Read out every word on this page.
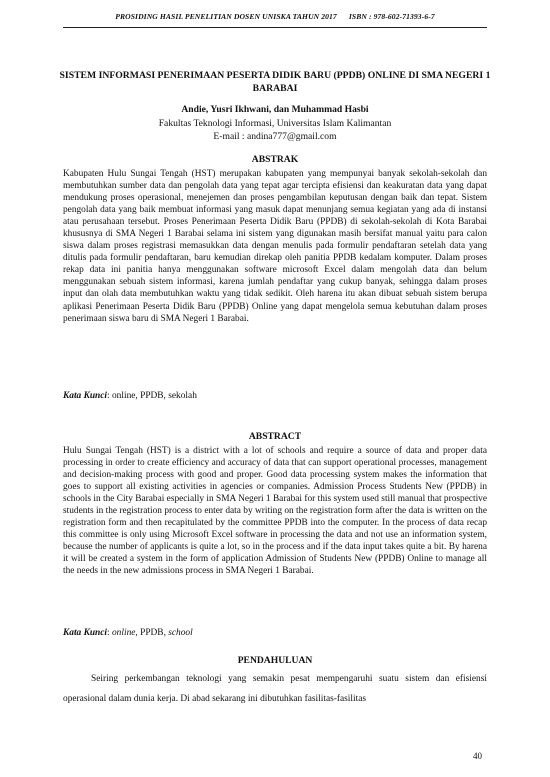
PROSIDING HASIL PENELITIAN DOSEN UNISKA TAHUN 2017 ISBN : 978-602-71393-6-7
SISTEM INFORMASI PENERIMAAN PESERTA DIDIK BARU (PPDB) ONLINE DI SMA NEGERI 1 BARABAI
Andie, Yusri Ikhwani, dan Muhammad Hasbi
Fakultas Teknologi Informasi, Universitas Islam Kalimantan
E-mail : andina777@gmail.com
ABSTRAK
Kabupaten Hulu Sungai Tengah (HST) merupakan kabupaten yang mempunyai banyak sekolah-sekolah dan membutuhkan sumber data dan pengolah data yang tepat agar tercipta efisiensi dan keakuratan data yang dapat mendukung proses operasional, menejemen dan proses pengambilan keputusan dengan baik dan tepat. Sistem pengolah data yang baik membuat informasi yang masuk dapat menunjang semua kegiatan yang ada di instansi atau perusahaan tersebut. Proses Penerimaan Peserta Didik Baru (PPDB) di sekolah-sekolah di Kota Barabai khususnya di SMA Negeri 1 Barabai selama ini sistem yang digunakan masih bersifat manual yaitu para calon siswa dalam proses registrasi memasukkan data dengan menulis pada formulir pendaftaran setelah data yang ditulis pada formulir pendaftaran, baru kemudian direkap oleh panitia PPDB kedalam komputer. Dalam proses rekap data ini panitia hanya menggunakan software microsoft Excel dalam mengolah data dan belum menggunakan sebuah sistem informasi, karena jumlah pendaftar yang cukup banyak, sehingga dalam proses input dan olah data membutuhkan waktu yang tidak sedikit. Oleh harena itu akan dibuat sebuah sistem berupa aplikasi Penerimaan Peserta Didik Baru (PPDB) Online yang dapat mengelola semua kebutuhan dalam proses penerimaan siswa baru di SMA Negeri 1 Barabai.
Kata Kunci: online, PPDB, sekolah
ABSTRACT
Hulu Sungai Tengah (HST) is a district with a lot of schools and require a source of data and proper data processing in order to create efficiency and accuracy of data that can support operational processes, management and decision-making process with good and proper. Good data processing system makes the information that goes to support all existing activities in agencies or companies. Admission Process Students New (PPDB) in schools in the City Barabai especially in SMA Negeri 1 Barabai for this system used still manual that prospective students in the registration process to enter data by writing on the registration form after the data is written on the registration form and then recapitulated by the committee PPDB into the computer. In the process of data recap this committee is only using Microsoft Excel software in processing the data and not use an information system, because the number of applicants is quite a lot, so in the process and if the data input takes quite a bit. By harena it will be created a system in the form of application Admission of Students New (PPDB) Online to manage all the needs in the new admissions process in SMA Negeri 1 Barabai.
Kata Kunci: online, PPDB, school
PENDAHULUAN
Seiring perkembangan teknologi yang semakin pesat mempengaruhi suatu sistem dan efisiensi operasional dalam dunia kerja. Di abad sekarang ini dibutuhkan fasilitas-fasilitas
40
